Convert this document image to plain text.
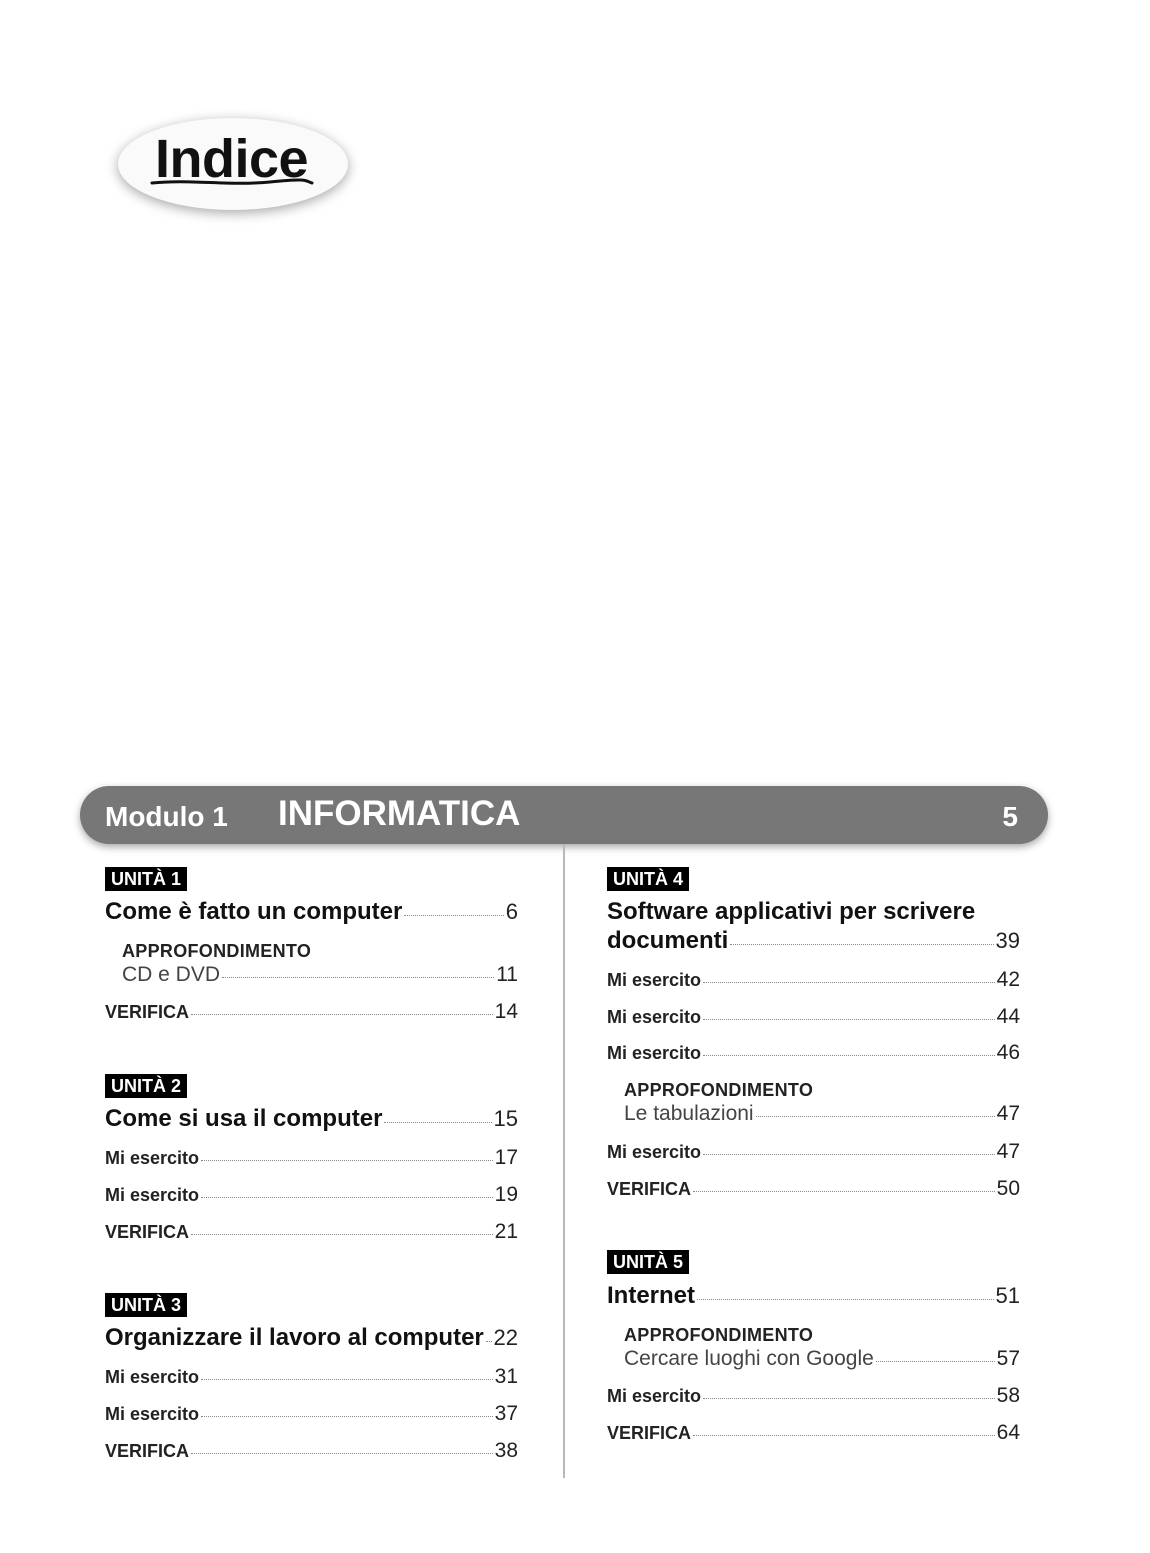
Indice
Modulo 1 INFORMATICA	5
UNITÀ 1
Come è fatto un computer	6
APPROFONDIMENTO
CD e DVD	11
VERIFICA	14
UNITÀ 2
Come si usa il computer	15
Mi esercito	17
Mi esercito	19
VERIFICA	21
UNITÀ 3
Organizzare il lavoro al computer 22
Mi esercito	31
Mi esercito	37
VERIFICA	38
UNITÀ 4
Software applicativi per scrivere
documenti	39
Mi esercito	42
Mi esercito	44
Mi esercito	46
APPROFONDIMENTO
Le tabulazioni	47
Mi esercito	47
VERIFICA	50
UNITÀ 5
Internet	51
APPROFONDIMENTO
Cercare luoghi con Google	57
Mi esercito	58
VERIFICA	64
